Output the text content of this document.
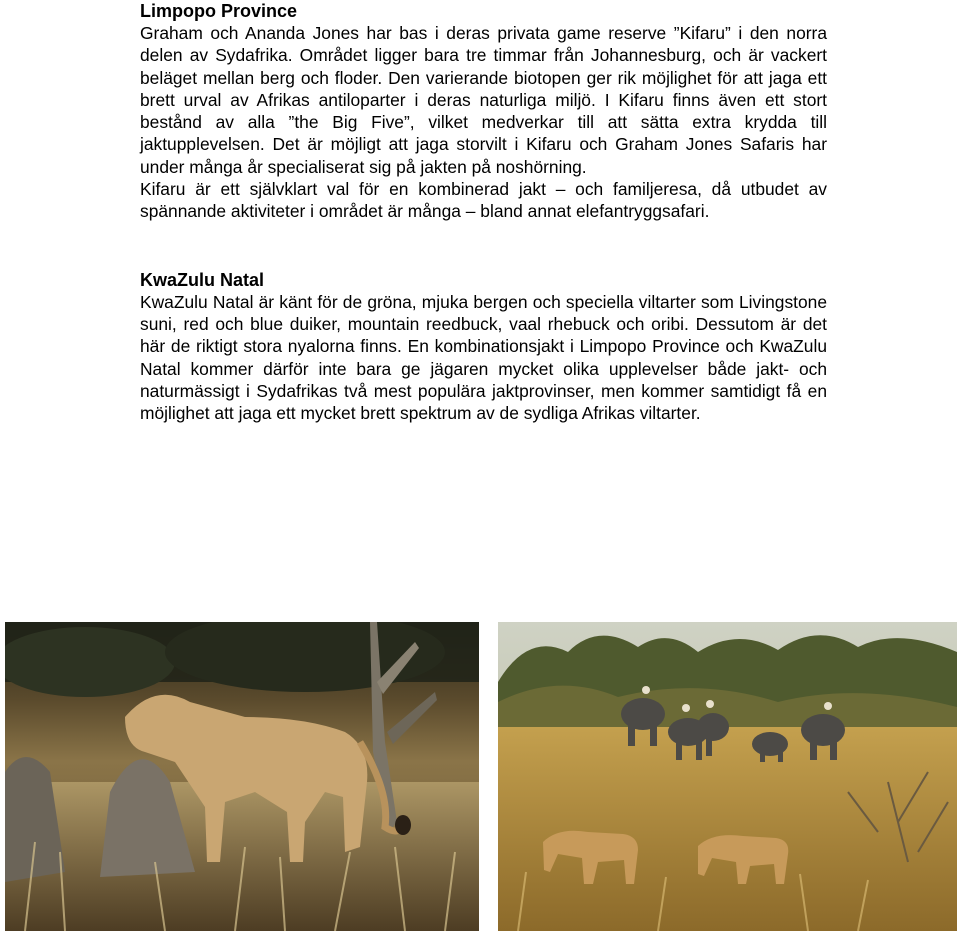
Limpopo Province

Graham och Ananda Jones har bas i deras privata game reserve ”Kifaru” i den norra delen av Sydafrika. Området ligger bara tre timmar från Johannesburg, och är vackert beläget mellan berg och floder. Den varierande biotopen ger rik möjlighet för att jaga ett brett urval av Afrikas antiloparter i deras naturliga miljö. I Kifaru finns även ett stort bestånd av alla ”the Big Five”, vilket medverkar till att sätta extra krydda till jaktupplevelsen. Det är möjligt att jaga storvilt i Kifaru och Graham Jones Safaris har under många år specialiserat sig på jakten på noshörning.

Kifaru är ett självklart val för en kombinerad jakt – och familjeresa, då utbudet av spännande aktiviteter i området är många – bland annat elefantryggsafari.

KwaZulu Natal

KwaZulu Natal är känt för de gröna, mjuka bergen och speciella viltarter som Livingstone suni, red och blue duiker, mountain reedbuck, vaal rhebuck och oribi. Dessutom är det här de riktigt stora nyalorna finns. En kombinationsjakt i Limpopo Province och KwaZulu Natal kommer därför inte bara ge jägaren mycket olika upplevelser både jakt- och naturmässigt i Sydafrikas två mest populära jaktprovinser, men kommer samtidigt få en möjlighet att jaga ett mycket brett spektrum av de sydliga Afrikas viltarter.
